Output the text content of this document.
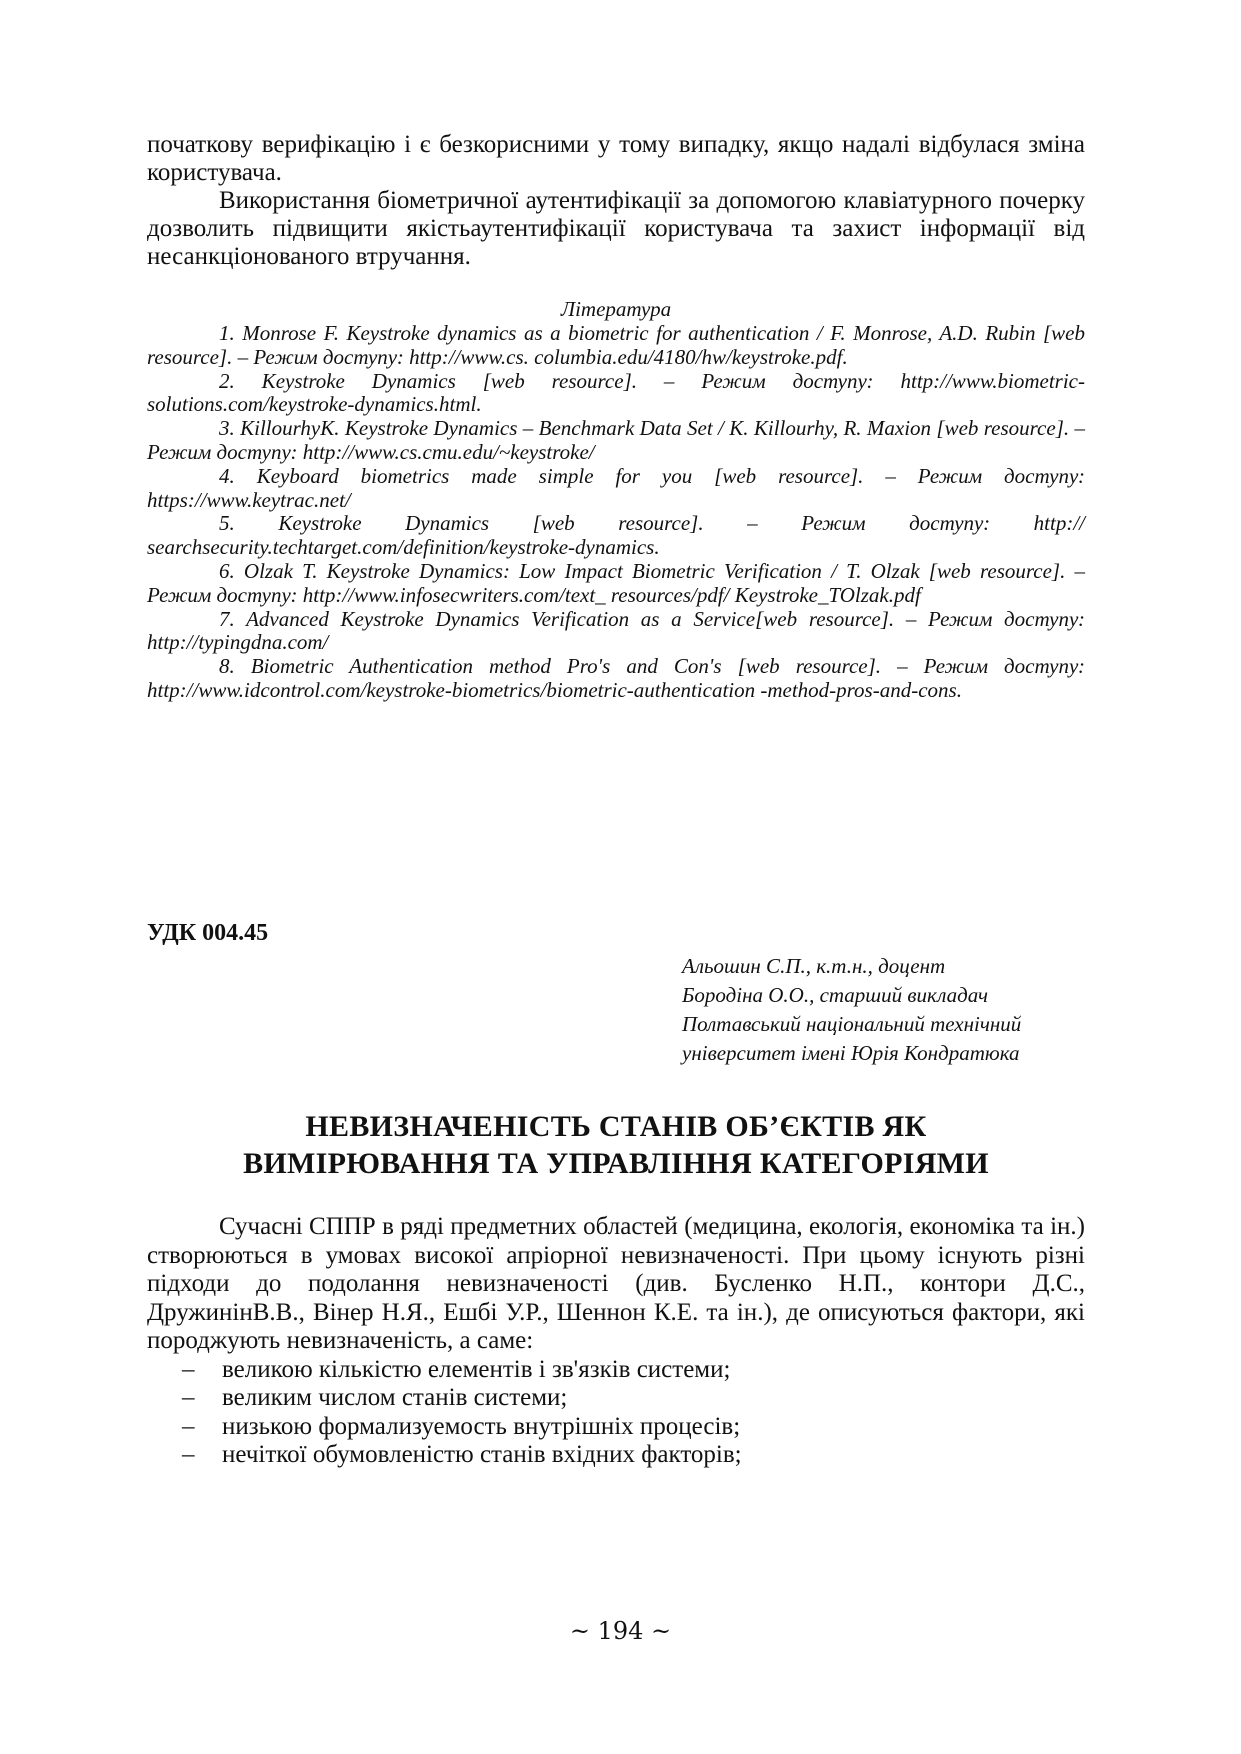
початкову верифікацію і є безкорисними у тому випадку, якщо надалі відбулася зміна користувача.

Використання біометричної аутентифікації за допомогою клавіатурного почерку дозволить підвищити якістьаутентифікації користувача та захист інформації від несанкціонованого втручання.

Література

1. Monrose F. Keystroke dynamics as a biometric for authentication / F. Monrose, A.D. Rubin [web resource]. – Режим доступу: http://www.cs. columbia.edu/4180/hw/keystroke.pdf.

2. Keystroke Dynamics [web resource]. – Режим доступу: http://www.biometric-solutions.com/keystroke-dynamics.html.

3. KillourhyK. Keystroke Dynamics – Benchmark Data Set / K. Killourhy, R. Maxion [web resource]. – Режим доступу: http://www.cs.cmu.edu/~keystroke/

4. Keyboard biometrics made simple for you [web resource]. – Режим доступу: https://www.keytrac.net/

5. Keystroke Dynamics [web resource]. – Режим доступу: http:// searchsecurity.techtarget.com/definition/keystroke-dynamics.

6. Olzak T. Keystroke Dynamics: Low Impact Biometric Verification / T. Olzak [web resource]. – Режим доступу: http://www.infosecwriters.com/text_ resources/pdf/ Keystroke_TOlzak.pdf

7. Advanced Keystroke Dynamics Verification as a Service[web resource]. – Режим доступу: http://typingdna.com/

8. Biometric Authentication method Pro's and Con's [web resource]. – Режим доступу: http://www.idcontrol.com/keystroke-biometrics/biometric-authentication -method-pros-and-cons.

УДК 004.45
Альошин С.П., к.т.н., доцент
Бородіна О.О., старший викладач
Полтавський національний технічний
університет імені Юрія Кондратюка
НЕВИЗНАЧЕНІСТЬ СТАНІВ ОБ’ЄКТІВ ЯК
ВИМІРЮВАННЯ ТА УПРАВЛІННЯ КАТЕГОРІЯМИ

Сучасні СППР в ряді предметних областей (медицина, екологія, економіка та ін.) створюються в умовах високої апріорної невизначеності. При цьому існують різні підходи до подолання невизначеності (див. Бусленко Н.П., контори Д.С., ДружинінВ.В., Вінер Н.Я., Ешбі У.Р., Шеннон К.Е. та ін.), де описуються фактори, які породжують невизначеність, а саме:

– великою кількістю елементів і зв'язків системи;
– великим числом станів системи;
– низькою формализуемость внутрішніх процесів;
– нечіткої обумовленістю станів вхідних факторів;
~ 194 ~
